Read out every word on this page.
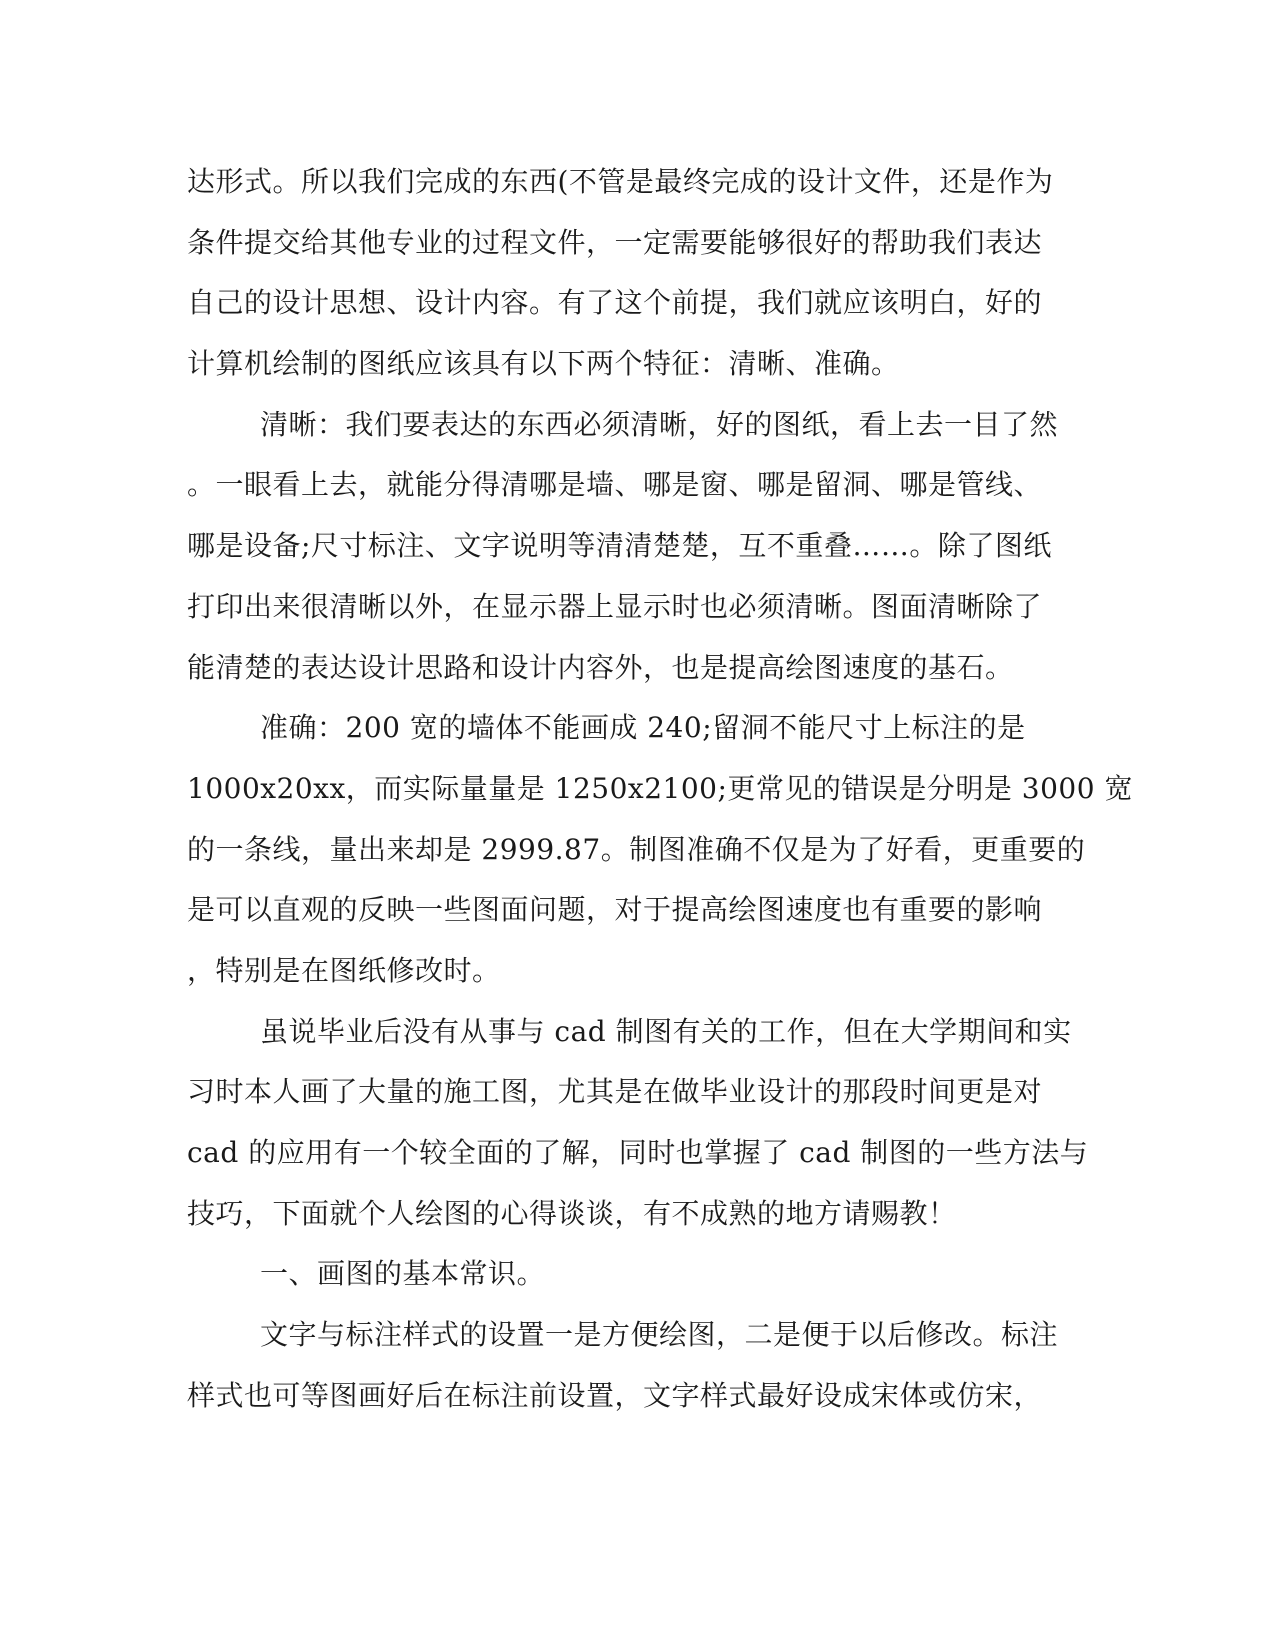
达形式。所以我们完成的东西(不管是最终完成的设计文件，还是作为
条件提交给其他专业的过程文件，一定需要能够很好的帮助我们表达
自己的设计思想、设计内容。有了这个前提，我们就应该明白，好的
计算机绘制的图纸应该具有以下两个特征：清晰、准确。
清晰：我们要表达的东西必须清晰，好的图纸，看上去一目了然
。一眼看上去，就能分得清哪是墙、哪是窗、哪是留洞、哪是管线、
哪是设备;尺寸标注、文字说明等清清楚楚，互不重叠……。除了图纸
打印出来很清晰以外，在显示器上显示时也必须清晰。图面清晰除了
能清楚的表达设计思路和设计内容外，也是提高绘图速度的基石。
准确：200 宽的墙体不能画成 240;留洞不能尺寸上标注的是
1000x20xx，而实际量量是 1250x2100;更常见的错误是分明是 3000 宽
的一条线，量出来却是 2999.87。制图准确不仅是为了好看，更重要的
是可以直观的反映一些图面问题，对于提高绘图速度也有重要的影响
，特别是在图纸修改时。
虽说毕业后没有从事与 cad 制图有关的工作，但在大学期间和实
习时本人画了大量的施工图，尤其是在做毕业设计的那段时间更是对
cad 的应用有一个较全面的了解，同时也掌握了 cad 制图的一些方法与
技巧，下面就个人绘图的心得谈谈，有不成熟的地方请赐教！
一、画图的基本常识。
文字与标注样式的设置一是方便绘图，二是便于以后修改。标注
样式也可等图画好后在标注前设置，文字样式最好设成宋体或仿宋，
